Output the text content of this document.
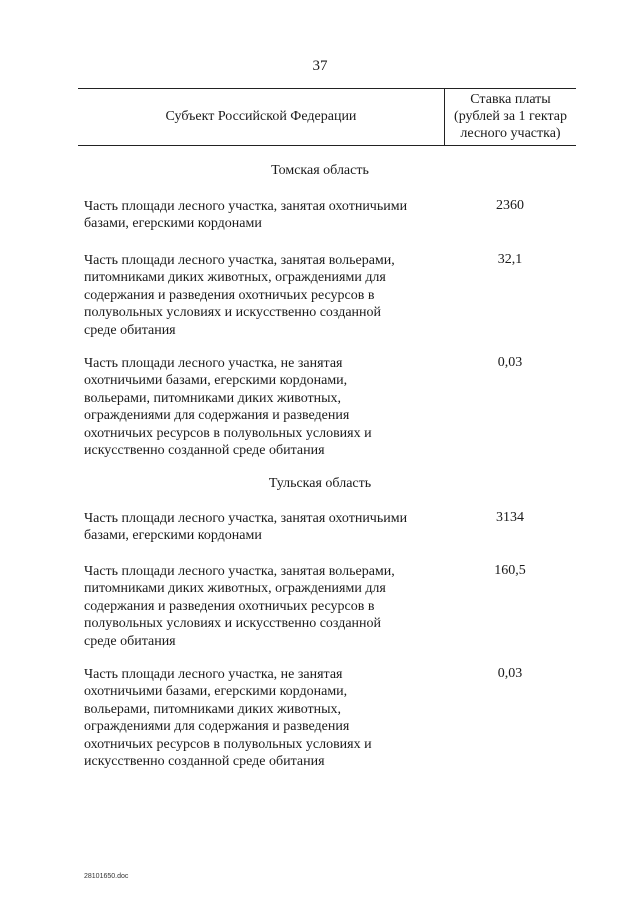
37
Субъект Российской Федерации
Ставка платы
(рублей за 1 гектар
лесного участка)
Томская область
Часть площади лесного участка, занятая охотничьими
базами, егерскими кордонами
2360
Часть площади лесного участка, занятая вольерами,
питомниками диких животных, ограждениями для
содержания и разведения охотничьих ресурсов в
полувольных условиях и искусственно созданной
среде обитания
32,1
Часть площади лесного участка, не занятая
охотничьими базами, егерскими кордонами,
вольерами, питомниками диких животных,
ограждениями для содержания и разведения
охотничьих ресурсов в полувольных условиях и
искусственно созданной среде обитания
0,03
Тульская область
Часть площади лесного участка, занятая охотничьими
базами, егерскими кордонами
3134
Часть площади лесного участка, занятая вольерами,
питомниками диких животных, ограждениями для
содержания и разведения охотничьих ресурсов в
полувольных условиях и искусственно созданной
среде обитания
160,5
Часть площади лесного участка, не занятая
охотничьими базами, егерскими кордонами,
вольерами, питомниками диких животных,
ограждениями для содержания и разведения
охотничьих ресурсов в полувольных условиях и
искусственно созданной среде обитания
0,03
28101650.doc
